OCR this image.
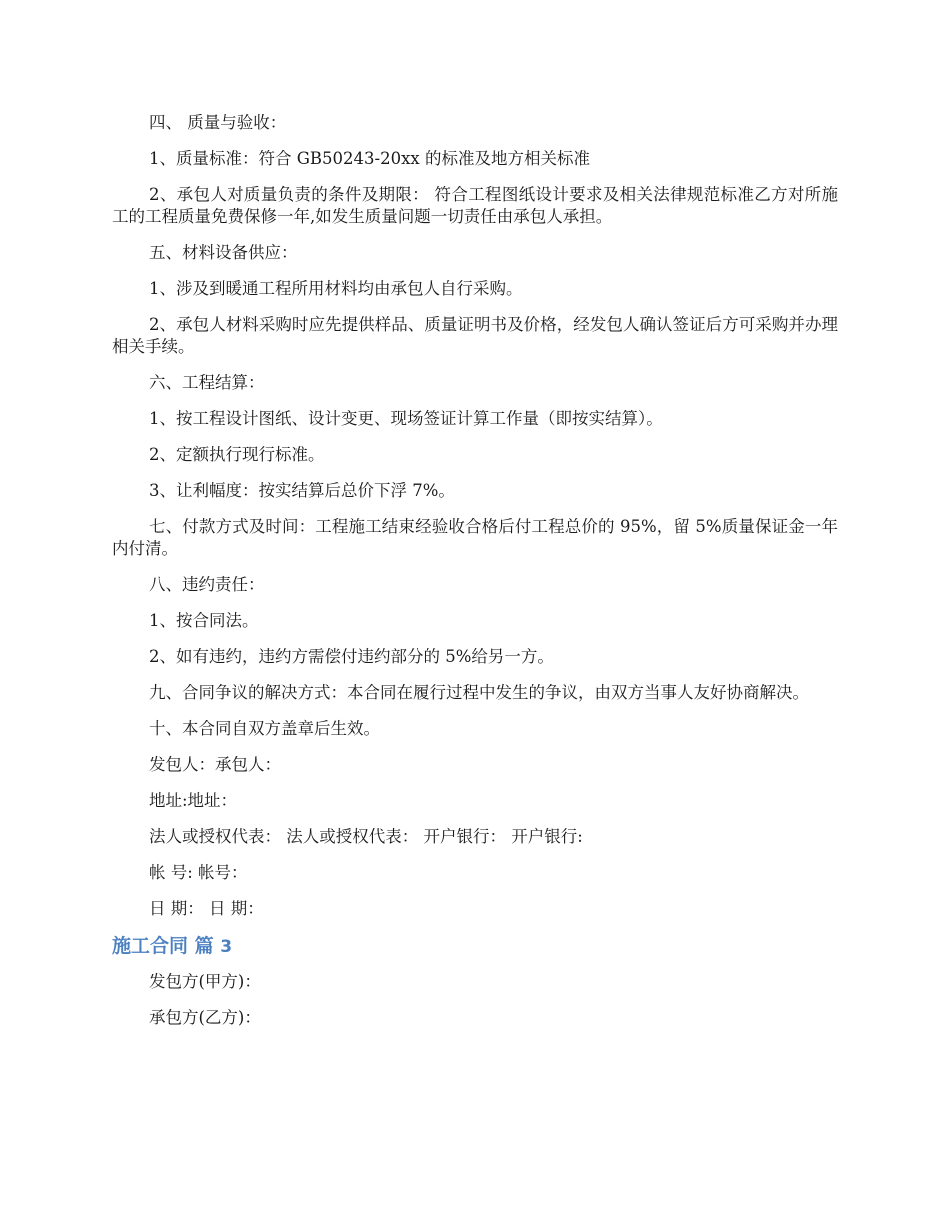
四、 质量与验收：

1、质量标准：符合 GB50243-20xx 的标准及地方相关标准

2、承包人对质量负责的条件及期限： 符合工程图纸设计要求及相关法律规范标准乙方对所施工的工程质量免费保修一年,如发生质量问题一切责任由承包人承担。

五、材料设备供应：

1、涉及到暖通工程所用材料均由承包人自行采购。

2、承包人材料采购时应先提供样品、质量证明书及价格，经发包人确认签证后方可采购并办理相关手续。

六、工程结算：

1、按工程设计图纸、设计变更、现场签证计算工作量（即按实结算）。

2、定额执行现行标准。

3、让利幅度：按实结算后总价下浮 7%。

七、付款方式及时间：工程施工结束经验收合格后付工程总价的 95%，留 5%质量保证金一年内付清。

八、违约责任：

1、按合同法。

2、如有违约，违约方需偿付违约部分的 5%给另一方。

九、合同争议的解决方式：本合同在履行过程中发生的争议，由双方当事人友好协商解决。

十、本合同自双方盖章后生效。

发包人：承包人：

地址:地址：

法人或授权代表： 法人或授权代表： 开户银行： 开户银行:

帐 号: 帐号：

日 期： 日 期：

施工合同 篇 3

发包方(甲方)：

承包方(乙方)：
